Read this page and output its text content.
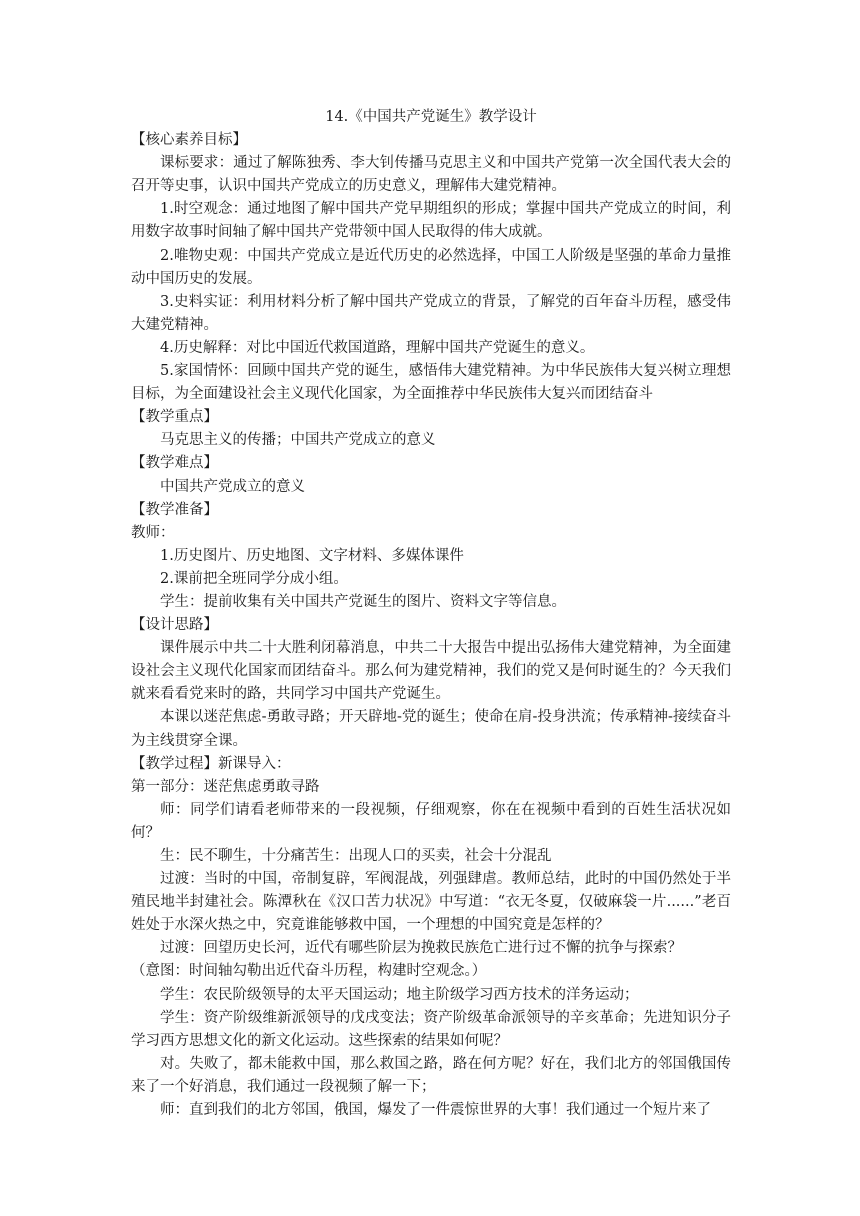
14.《中国共产党诞生》教学设计

【核心素养目标】

课标要求：通过了解陈独秀、李大钊传播马克思主义和中国共产党第一次全国代表大会的召开等史事，认识中国共产党成立的历史意义，理解伟大建党精神。

1.时空观念：通过地图了解中国共产党早期组织的形成；掌握中国共产党成立的时间，利用数字故事时间轴了解中国共产党带领中国人民取得的伟大成就。

2.唯物史观：中国共产党成立是近代历史的必然选择，中国工人阶级是坚强的革命力量推动中国历史的发展。

3.史料实证：利用材料分析了解中国共产党成立的背景，了解党的百年奋斗历程，感受伟大建党精神。

4.历史解释：对比中国近代救国道路，理解中国共产党诞生的意义。

5.家国情怀：回顾中国共产党的诞生，感悟伟大建党精神。为中华民族伟大复兴树立理想目标，为全面建设社会主义现代化国家，为全面推荐中华民族伟大复兴而团结奋斗

【教学重点】

马克思主义的传播；中国共产党成立的意义

【教学难点】

中国共产党成立的意义

【教学准备】

教师：

1.历史图片、历史地图、文字材料、多媒体课件

2.课前把全班同学分成小组。

学生：提前收集有关中国共产党诞生的图片、资料文字等信息。

【设计思路】

课件展示中共二十大胜利闭幕消息，中共二十大报告中提出弘扬伟大建党精神，为全面建设社会主义现代化国家而团结奋斗。那么何为建党精神，我们的党又是何时诞生的？今天我们就来看看党来时的路，共同学习中国共产党诞生。

本课以迷茫焦虑-勇敢寻路；开天辟地-党的诞生；使命在肩-投身洪流；传承精神-接续奋斗为主线贯穿全课。

【教学过程】新课导入：

第一部分：迷茫焦虑勇敢寻路

师：同学们请看老师带来的一段视频，仔细观察，你在在视频中看到的百姓生活状况如何？

生：民不聊生，十分痛苦生：出现人口的买卖，社会十分混乱

过渡：当时的中国，帝制复辟，军阀混战，列强肆虐。教师总结，此时的中国仍然处于半殖民地半封建社会。陈潭秋在《汉口苦力状况》中写道：“衣无冬夏，仅破麻袋一片......”老百姓处于水深火热之中，究竟谁能够救中国，一个理想的中国究竟是怎样的？

过渡：回望历史长河，近代有哪些阶层为挽救民族危亡进行过不懈的抗争与探索？

（意图：时间轴勾勒出近代奋斗历程，构建时空观念。）

学生：农民阶级领导的太平天国运动；地主阶级学习西方技术的洋务运动；

学生：资产阶级维新派领导的戊戌变法；资产阶级革命派领导的辛亥革命；先进知识分子学习西方思想文化的新文化运动。这些探索的结果如何呢？

对。失败了，都未能救中国，那么救国之路，路在何方呢？好在，我们北方的邻国俄国传来了一个好消息，我们通过一段视频了解一下；

师：直到我们的北方邻国，俄国，爆发了一件震惊世界的大事！我们通过一个短片来了
